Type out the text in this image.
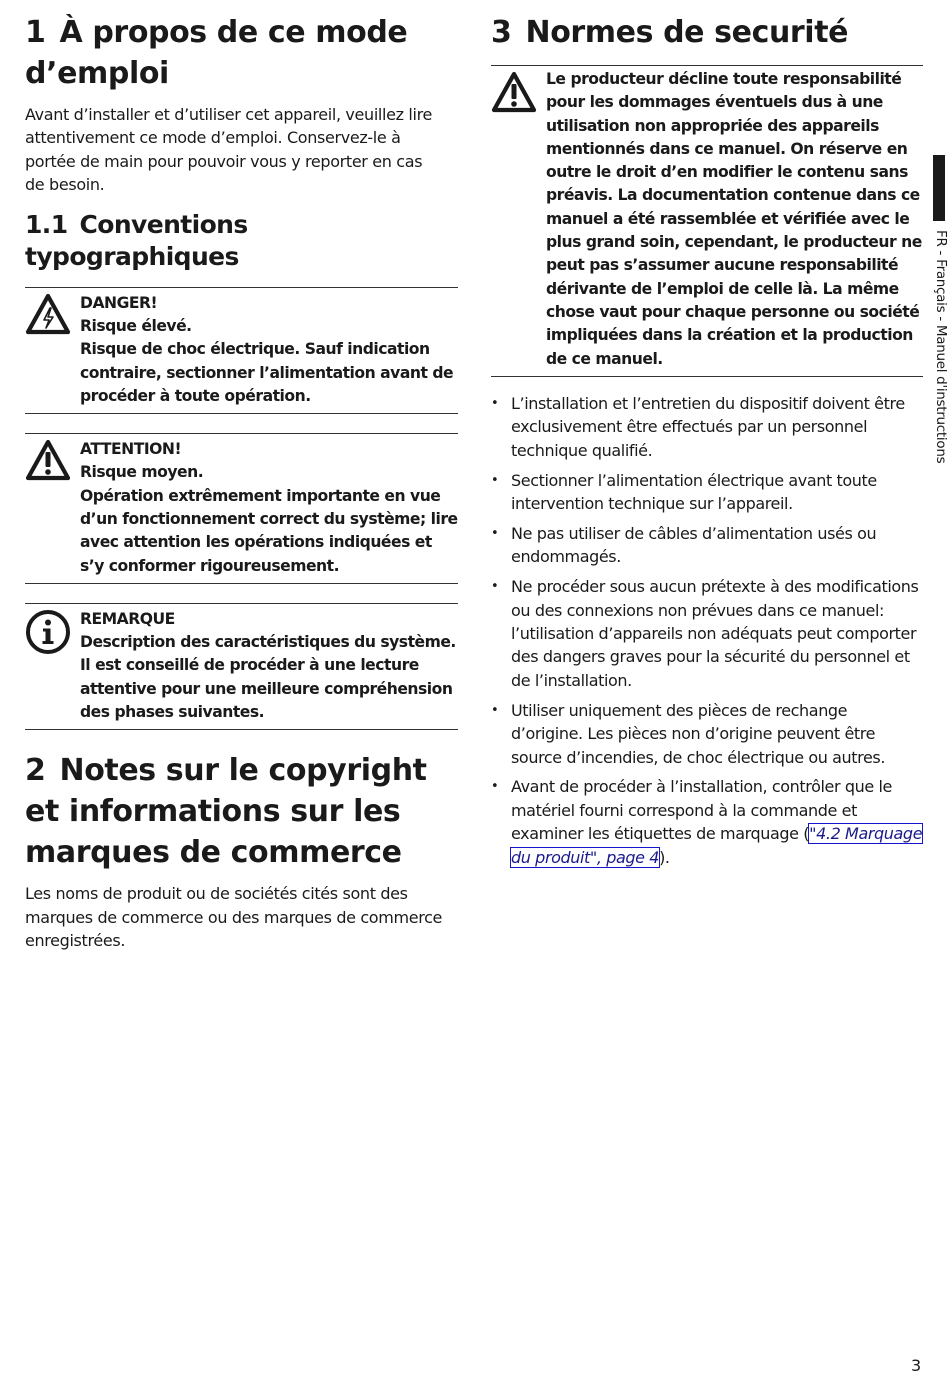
1 À propos de ce mode d’emploi

Avant d’installer et d’utiliser cet appareil, veuillez lire attentivement ce mode d’emploi. Conservez-le à portée de main pour pouvoir vous y reporter en cas de besoin.

1.1 Conventions typographiques
DANGER!
Risque élevé.
Risque de choc électrique. Sauf indication contraire, sectionner l’alimentation avant de procéder à toute opération.
ATTENTION!
Risque moyen.
Opération extrêmement importante en vue d’un fonctionnement correct du système; lire avec attention les opérations indiquées et s’y conformer rigoureusement.
REMARQUE
Description des caractéristiques du système.
Il est conseillé de procéder à une lecture attentive pour une meilleure compréhension des phases suivantes.
2 Notes sur le copyright et informations sur les marques de commerce

Les noms de produit ou de sociétés cités sont des marques de commerce ou des marques de commerce enregistrées.

3 Normes de securité
Le producteur décline toute responsabilité pour les dommages éventuels dus à une utilisation non appropriée des appareils mentionnés dans ce manuel. On réserve en outre le droit d’en modifier le contenu sans préavis. La documentation contenue dans ce manuel a été rassemblée et vérifiée avec le plus grand soin, cependant, le producteur ne peut pas s’assumer aucune responsabilité dérivante de l’emploi de celle là. La même chose vaut pour chaque personne ou société impliquées dans la création et la production de ce manuel.
• L’installation et l’entretien du dispositif doivent être exclusivement être effectués par un personnel technique qualifié.
• Sectionner l’alimentation électrique avant toute intervention technique sur l’appareil.
• Ne pas utiliser de câbles d’alimentation usés ou endommagés.
• Ne procéder sous aucun prétexte à des modifications ou des connexions non prévues dans ce manuel: l’utilisation d’appareils non adéquats peut comporter des dangers graves pour la sécurité du personnel et de l’installation.
• Utiliser uniquement des pièces de rechange d’origine. Les pièces non d’origine peuvent être source d’incendies, de choc électrique ou autres.
• Avant de procéder à l’installation, contrôler que le matériel fourni correspond à la commande et examiner les étiquettes de marquage ("4.2 Marquage du produit", page 4).
FR - Français - Manuel d'instructions
3
